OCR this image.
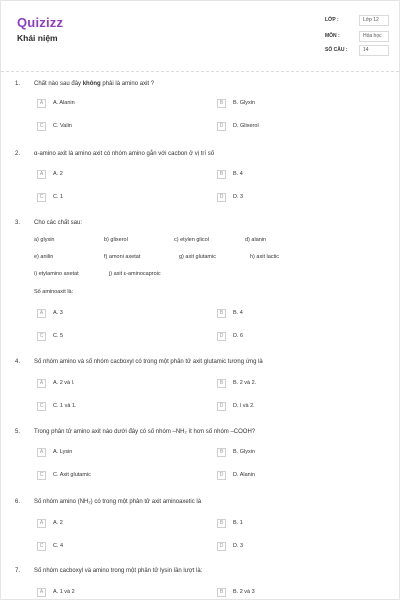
Quizizz
Khái niệm
LỚP :	Lớp 12
MÔN :	Hóa học
SỐ CÂU :	14
1. Chất nào sau đây không phải là amino axit ?
A	A. Alanin	B	B. Glyxin
C	C. Valin	D	D. Glixerol
2. α-amino axit là amino axit có nhóm amino gắn với cacbon ở vị trí số
A	A. 2	B	B. 4
C	C. 1	D	D. 3
3. Cho các chất sau:
a) glyxin	b) glixerol	c) etylen glicol	d) alanin
e) anilin	f) amoni axetat	g) axit glutamic	h) axit lactic
i) etylamino axetat	j) axit ε-aminocaproic
Số aminoaxit là:
A	A. 3	B	B. 4
C	C. 5	D	D. 6
4. Số nhóm amino và số nhóm cacboxyl có trong một phân tử axit glutamic tương ứng là
A	A. 2 và l.	B	B. 2 và 2.
C	C. 1 và 1.	D	D. l và 2.
5. Trong phân tử amino axit nào dưới đây có số nhóm –NH₂ ít hơn số nhóm –COOH?
A	A. Lysin	B	B. Glyxin
C	C. Axit glutamic	D	D. Alanin
6. Số nhóm amino (NH₂) có trong một phân tử axit aminoaxetic là
A	A. 2	B	B. 1
C	C. 4	D	D. 3
7. Số nhóm cacboxyl và amino trong một phân tử lysin lần lượt là:
A	A. 1 và 2	B	B. 2 và 3
